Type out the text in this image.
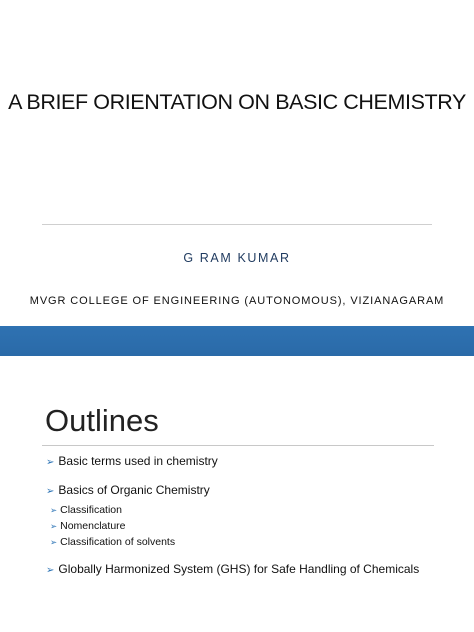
A BRIEF ORIENTATION ON BASIC CHEMISTRY
G RAM KUMAR
MVGR COLLEGE OF ENGINEERING (AUTONOMOUS), VIZIANAGARAM
Outlines
➢ Basic terms used in chemistry
➢ Basics of Organic Chemistry
➢ Classification
➢ Nomenclature
➢ Classification of solvents
➢ Globally Harmonized System (GHS) for Safe Handling of Chemicals
